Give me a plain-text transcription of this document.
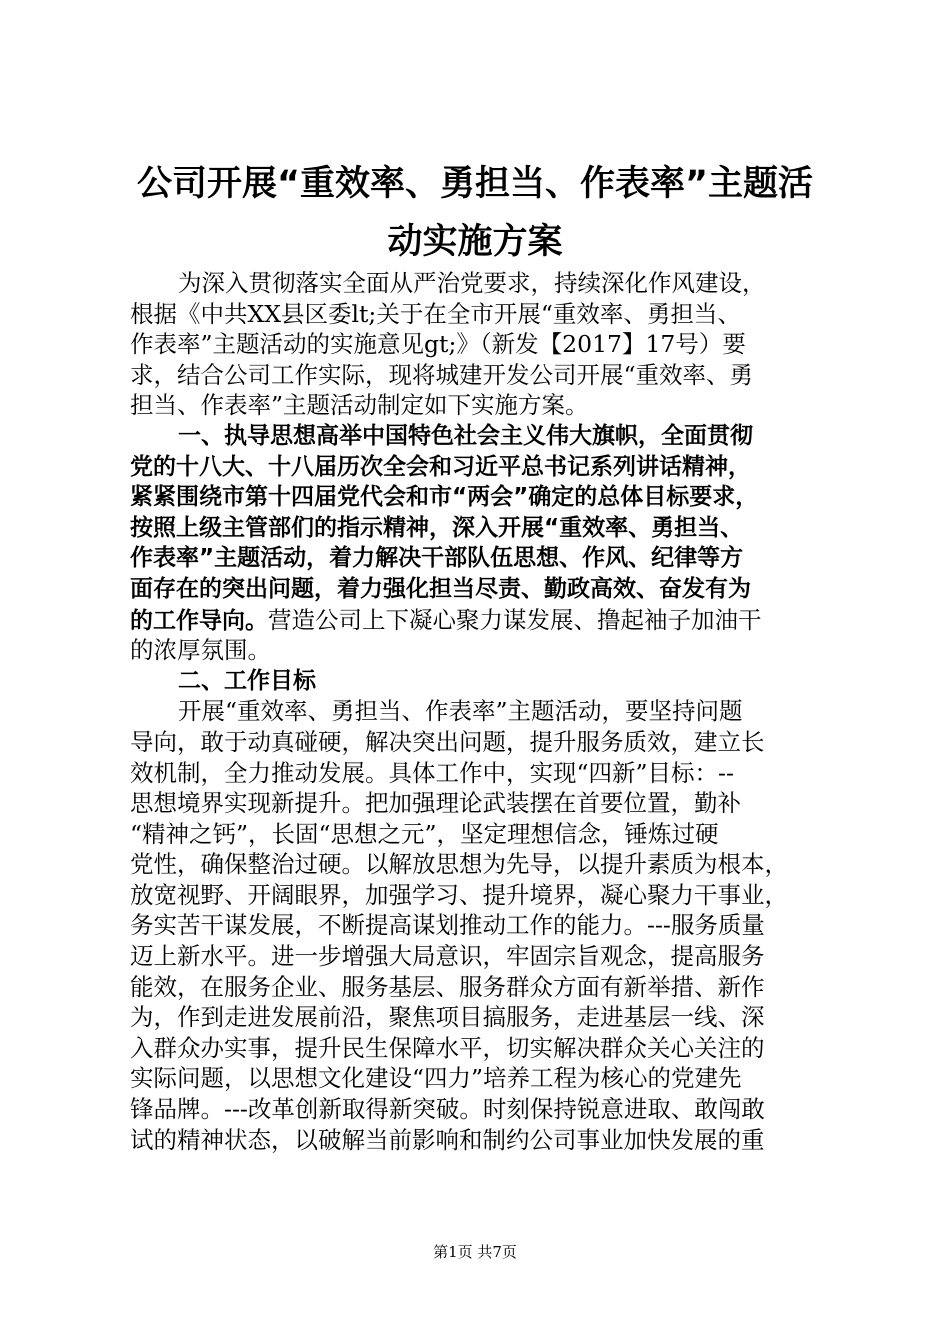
公司开展“重效率、勇担当、作表率”主题活
动实施方案
为深入贯彻落实全面从严治党要求，持续深化作风建设，
根据《中共XX县区委lt;关于在全市开展“重效率、勇担当、
作表率”主题活动的实施意见gt;》（新发【2017】17号）要
求，结合公司工作实际，现将城建开发公司开展“重效率、勇
担当、作表率”主题活动制定如下实施方案。
一、执导思想高举中国特色社会主义伟大旗帜，全面贯彻
党的十八大、十八届历次全会和习近平总书记系列讲话精神，
紧紧围绕市第十四届党代会和市“两会”确定的总体目标要求，
按照上级主管部们的指示精神，深入开展“重效率、勇担当、
作表率”主题活动，着力解决干部队伍思想、作风、纪律等方
面存在的突出问题，着力强化担当尽责、勤政高效、奋发有为
的工作导向。营造公司上下凝心聚力谋发展、撸起袖子加油干
的浓厚氛围。
二、工作目标
开展“重效率、勇担当、作表率”主题活动，要坚持问题
导向，敢于动真碰硬，解决突出问题，提升服务质效，建立长
效机制，全力推动发展。具体工作中，实现“四新”目标：--
思想境界实现新提升。把加强理论武装摆在首要位置，勤补
“精神之钙”，长固“思想之元”，坚定理想信念，锤炼过硬
党性，确保整治过硬。以解放思想为先导，以提升素质为根本，
放宽视野、开阔眼界，加强学习、提升境界，凝心聚力干事业，
务实苦干谋发展，不断提高谋划推动工作的能力。---服务质量
迈上新水平。进一步增强大局意识，牢固宗旨观念，提高服务
能效，在服务企业、服务基层、服务群众方面有新举措、新作
为，作到走进发展前沿，聚焦项目搞服务，走进基层一线、深
入群众办实事，提升民生保障水平，切实解决群众关心关注的
实际问题，以思想文化建设“四力”培养工程为核心的党建先
锋品牌。---改革创新取得新突破。时刻保持锐意进取、敢闯敢
试的精神状态，以破解当前影响和制约公司事业加快发展的重
第1页 共7页
